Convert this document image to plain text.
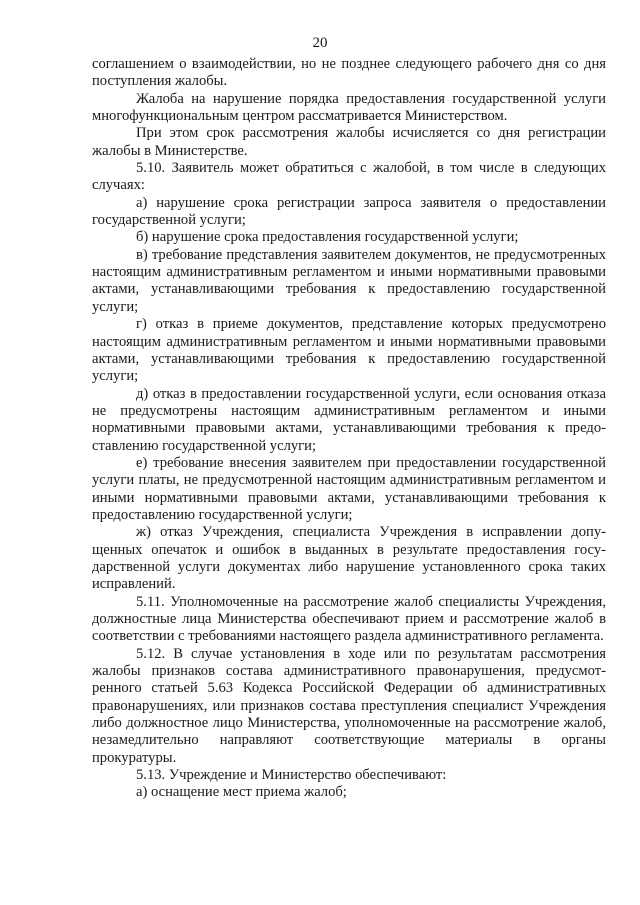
20

соглашением о взаимодействии, но не позднее следующего рабочего дня со дня поступления жалобы.

Жалоба на нарушение порядка предоставления государственной услуги многофункциональным центром рассматривается Министерством.

При этом срок рассмотрения жалобы исчисляется со дня регистрации жалобы в Министерстве.

5.10. Заявитель может обратиться с жалобой, в том числе в следующих случаях:

а) нарушение срока регистрации запроса заявителя о предоставлении государственной услуги;

б) нарушение срока предоставления государственной услуги;

в) требование представления заявителем документов, не предусмотренных настоящим административным регламентом и иными нормативными правовыми актами, устанавливающими требования к предоставлению государственной услуги;

г) отказ в приеме документов, представление которых предусмотрено настоящим административным регламентом и иными нормативными правовыми актами, устанавливающими требования к предоставлению государственной услуги;

д) отказ в предоставлении государственной услуги, если основания отказа не предусмотрены настоящим административным регламентом и иными нормативными правовыми актами, устанавливающими требования к предоставлению государственной услуги;

е) требование внесения заявителем при предоставлении государственной услуги платы, не предусмотренной настоящим административным регламентом и иными нормативными правовыми актами, устанавливающими требования к предоставлению государственной услуги;

ж) отказ Учреждения, специалиста Учреждения в исправлении допущенных опечаток и ошибок в выданных в результате предоставления государственной услуги документах либо нарушение установленного срока таких исправлений.

5.11. Уполномоченные на рассмотрение жалоб специалисты Учреждения, должностные лица Министерства обеспечивают прием и рассмотрение жалоб в соответствии с требованиями настоящего раздела административного регламента.

5.12. В случае установления в ходе или по результатам рассмотрения жалобы признаков состава административного правонарушения, предусмотренного статьей 5.63 Кодекса Российской Федерации об административных правонарушениях, или признаков состава преступления специалист Учреждения либо должностное лицо Министерства, уполномоченные на рассмотрение жалоб, незамедлительно направляют соответствующие материалы в органы прокуратуры.

5.13. Учреждение и Министерство обеспечивают:

а) оснащение мест приема жалоб;
